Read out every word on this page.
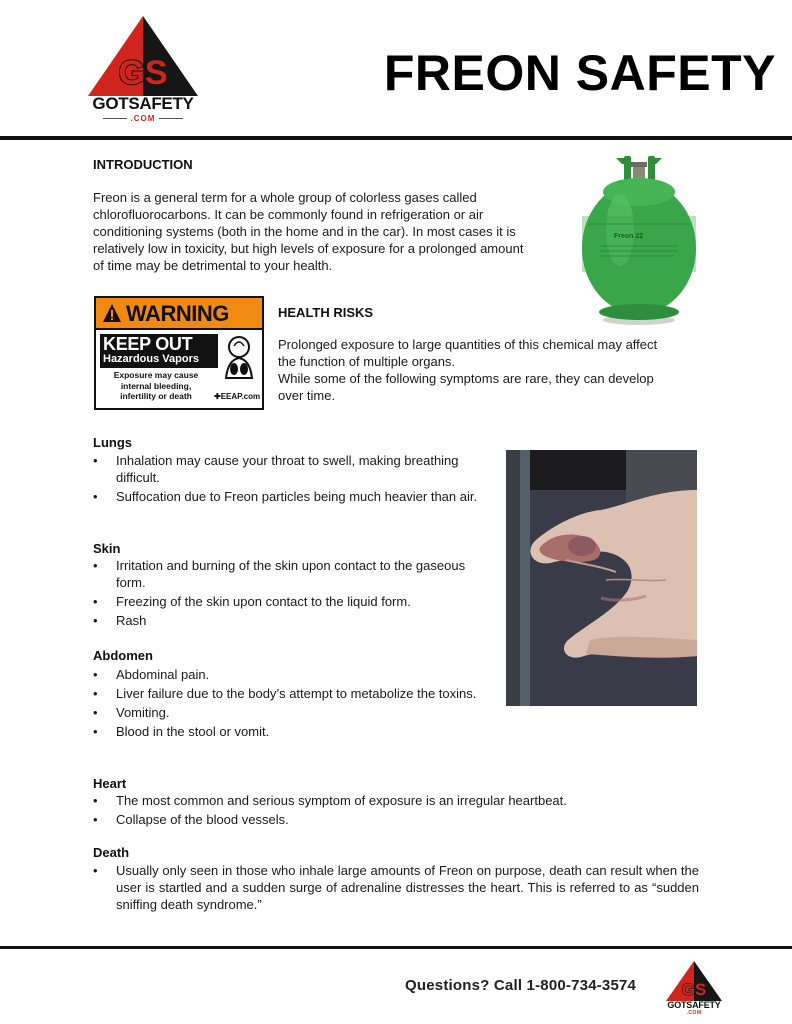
GS
GOTSAFETY
.COM
FREON SAFETY
INTRODUCTION
Freon is a general term for a whole group of colorless gases called
chlorofluorocarbons. It can be commonly found in refrigeration or air
conditioning systems (both in the home and in the car). In most cases it is
relatively low in toxicity, but high levels of exposure for a prolonged amount
of time may be detrimental to your health.
Freon 22
WARNING
KEEP OUT
Hazardous Vapors
Exposure may cause
internal bleeding,
infertility or death	✚EEAP.com
HEALTH RISKS
Prolonged exposure to large quantities of this chemical may affect
the function of multiple organs.
While some of the following symptoms are rare, they can develop
over time.
Lungs
• Inhalation may cause your throat to swell, making breathing difficult.
• Suffocation due to Freon particles being much heavier than air.
Skin
• Irritation and burning of the skin upon contact to the gaseous form.
• Freezing of the skin upon contact to the liquid form.
• Rash
Abdomen
• Abdominal pain.
• Liver failure due to the body’s attempt to metabolize the toxins.
• Vomiting.
• Blood in the stool or vomit.
Heart
• The most common and serious symptom of exposure is an irregular heartbeat.
• Collapse of the blood vessels.
Death
• Usually only seen in those who inhale large amounts of Freon on purpose, death can result when the user is startled and a sudden surge of adrenaline distresses the heart. This is referred to as “sudden sniffing death syndrome.”
Questions? Call 1-800-734-3574	GS
GOTSAFETY
.COM
